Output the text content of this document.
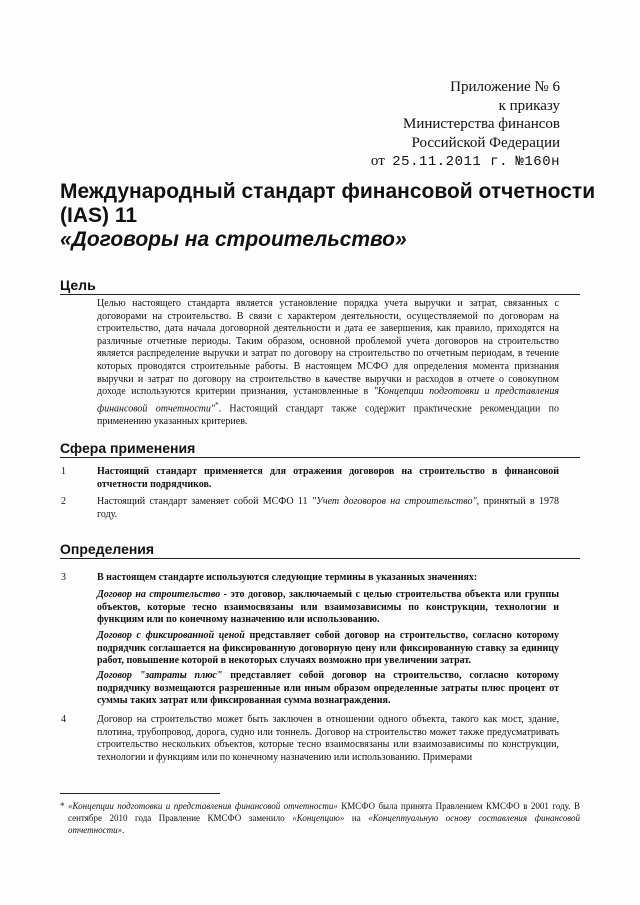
Приложение № 6
к приказу
Министерства финансов
Российской Федерации
от 25.11.2011 г. №160н
Международный стандарт финансовой отчетности
(IAS) 11
«Договоры на строительство»
Цель
Целью настоящего стандарта является установление порядка учета выручки и затрат, связанных с договорами на строительство. В связи с характером деятельности, осуществляемой по договорам на строительство, дата начала договорной деятельности и дата ее завершения, как правило, приходятся на различные отчетные периоды. Таким образом, основной проблемой учета договоров на строительство является распределение выручки и затрат по договору на строительство по отчетным периодам, в течение которых проводятся строительные работы. В настоящем МСФО для определения момента признания выручки и затрат по договору на строительство в качестве выручки и расходов в отчете о совокупном доходе используются критерии признания, установленные в "Концепции подготовки и представления финансовой отчетности"*. Настоящий стандарт также содержит практические рекомендации по применению указанных критериев.
Сфера применения
1	Настоящий стандарт применяется для отражения договоров на строительство в финансовой отчетности подрядчиков.
2	Настоящий стандарт заменяет собой МСФО 11 "Учет договоров на строительство", принятый в 1978 году.
Определения
3	В настоящем стандарте используются следующие термины в указанных значениях:
Договор на строительство - это договор, заключаемый с целью строительства объекта или группы объектов, которые тесно взаимосвязаны или взаимозависимы по конструкции, технологии и функциям или по конечному назначению или использованию.
Договор с фиксированной ценой представляет собой договор на строительство, согласно которому подрядчик соглашается на фиксированную договорную цену или фиксированную ставку за единицу работ, повышение которой в некоторых случаях возможно при увеличении затрат.
Договор "затраты плюс" представляет собой договор на строительство, согласно которому подрядчику возмещаются разрешенные или иным образом определенные затраты плюс процент от суммы таких затрат или фиксированная сумма вознаграждения.
4	Договор на строительство может быть заключен в отношении одного объекта, такого как мост, здание, плотина, трубопровод, дорога, судно или тоннель. Договор на строительство может также предусматривать строительство нескольких объектов, которые тесно взаимосвязаны или взаимозависимы по конструкции, технологии и функциям или по конечному назначению или использованию. Примерами
* «Концепции подготовки и представления финансовой отчетности» КМСФО была принята Правлением КМСФО в 2001 году. В сентябре 2010 года Правление КМСФО заменило «Концепцию» на «Концептуальную основу составления финансовой отчетности».
